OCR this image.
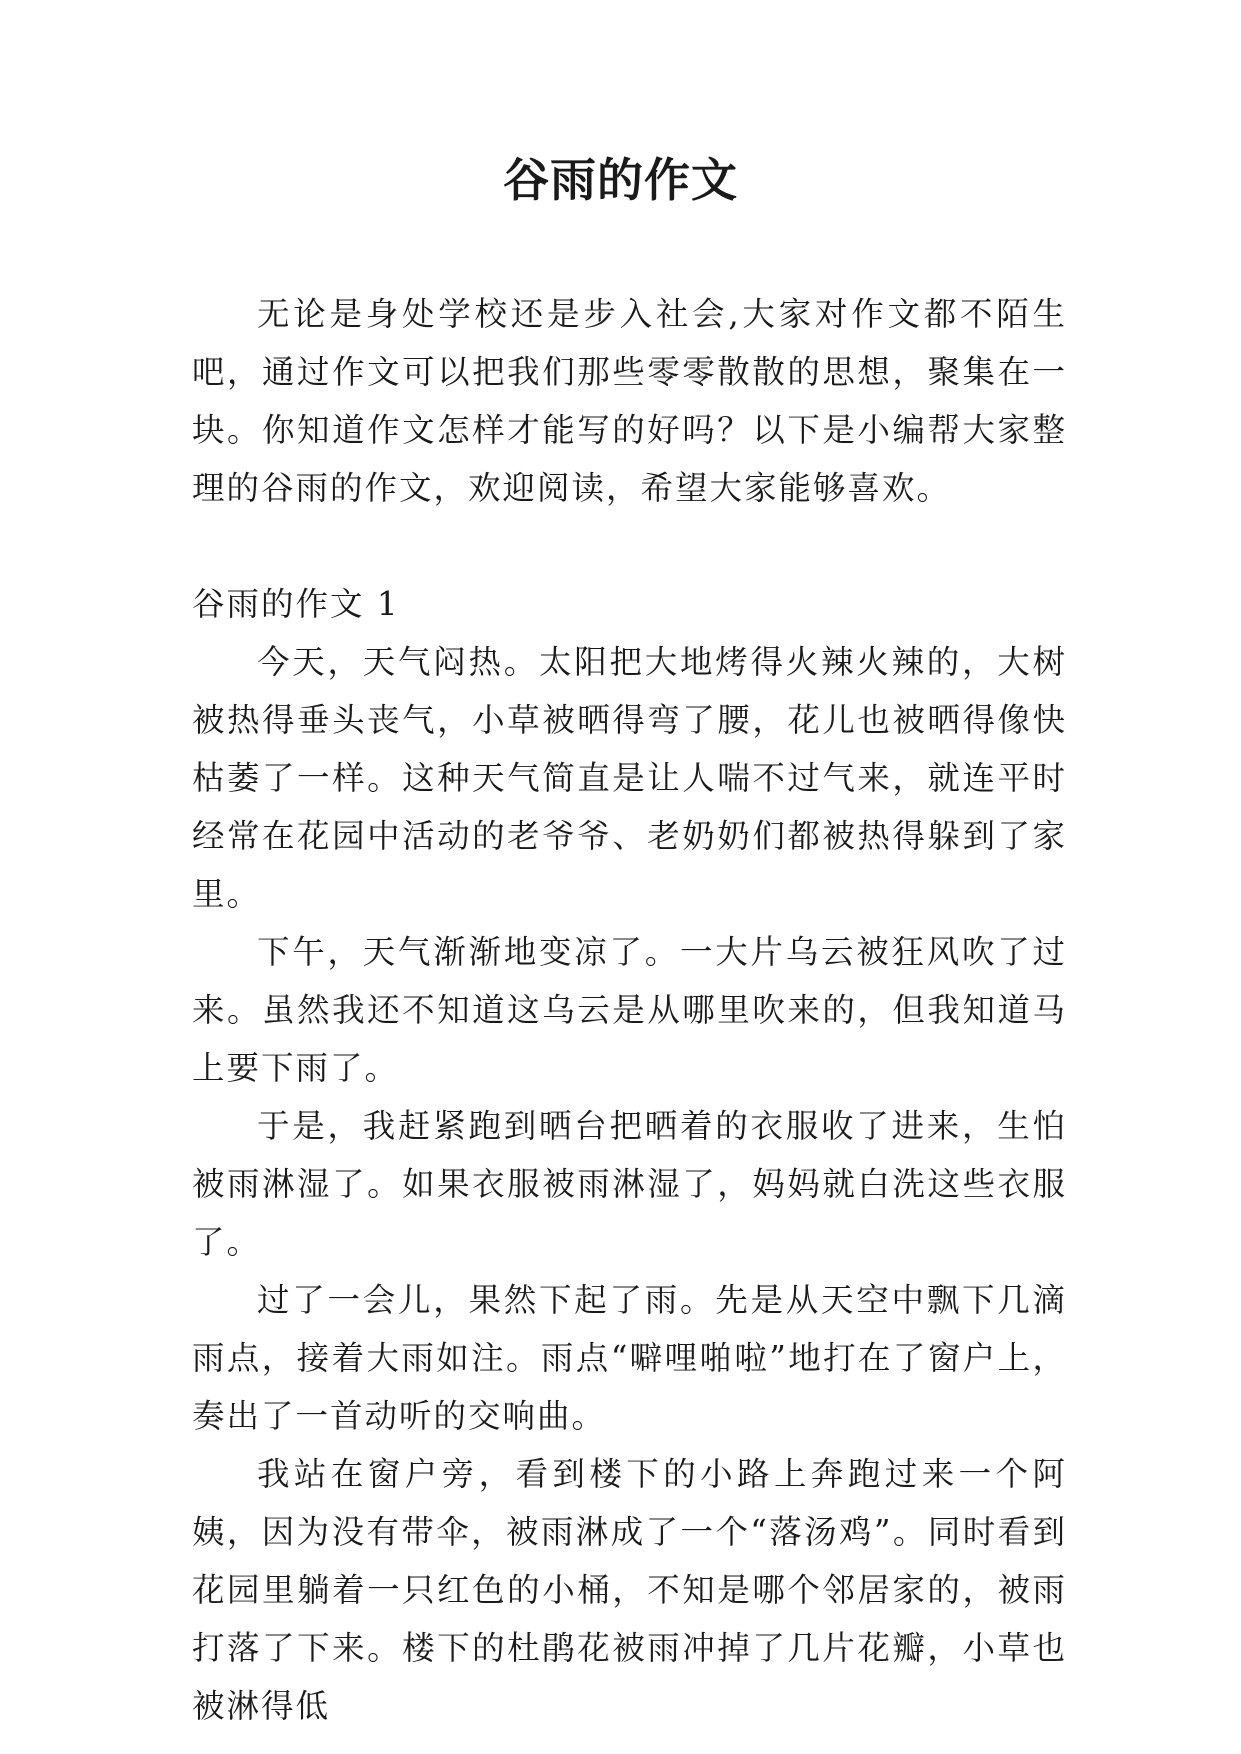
谷雨的作文

无论是身处学校还是步入社会,大家对作文都不陌生吧，通过作文可以把我们那些零零散散的思想，聚集在一块。你知道作文怎样才能写的好吗？以下是小编帮大家整理的谷雨的作文，欢迎阅读，希望大家能够喜欢。

谷雨的作文 1

今天，天气闷热。太阳把大地烤得火辣火辣的，大树被热得垂头丧气，小草被晒得弯了腰，花儿也被晒得像快枯萎了一样。这种天气简直是让人喘不过气来，就连平时经常在花园中活动的老爷爷、老奶奶们都被热得躲到了家里。

下午，天气渐渐地变凉了。一大片乌云被狂风吹了过来。虽然我还不知道这乌云是从哪里吹来的，但我知道马上要下雨了。

于是，我赶紧跑到晒台把晒着的衣服收了进来，生怕被雨淋湿了。如果衣服被雨淋湿了，妈妈就白洗这些衣服了。

过了一会儿，果然下起了雨。先是从天空中飘下几滴雨点，接着大雨如注。雨点“噼哩啪啦”地打在了窗户上，奏出了一首动听的交响曲。

我站在窗户旁，看到楼下的小路上奔跑过来一个阿姨，因为没有带伞，被雨淋成了一个“落汤鸡”。同时看到花园里躺着一只红色的小桶，不知是哪个邻居家的，被雨打落了下来。楼下的杜鹃花被雨冲掉了几片花瓣，小草也被淋得低
